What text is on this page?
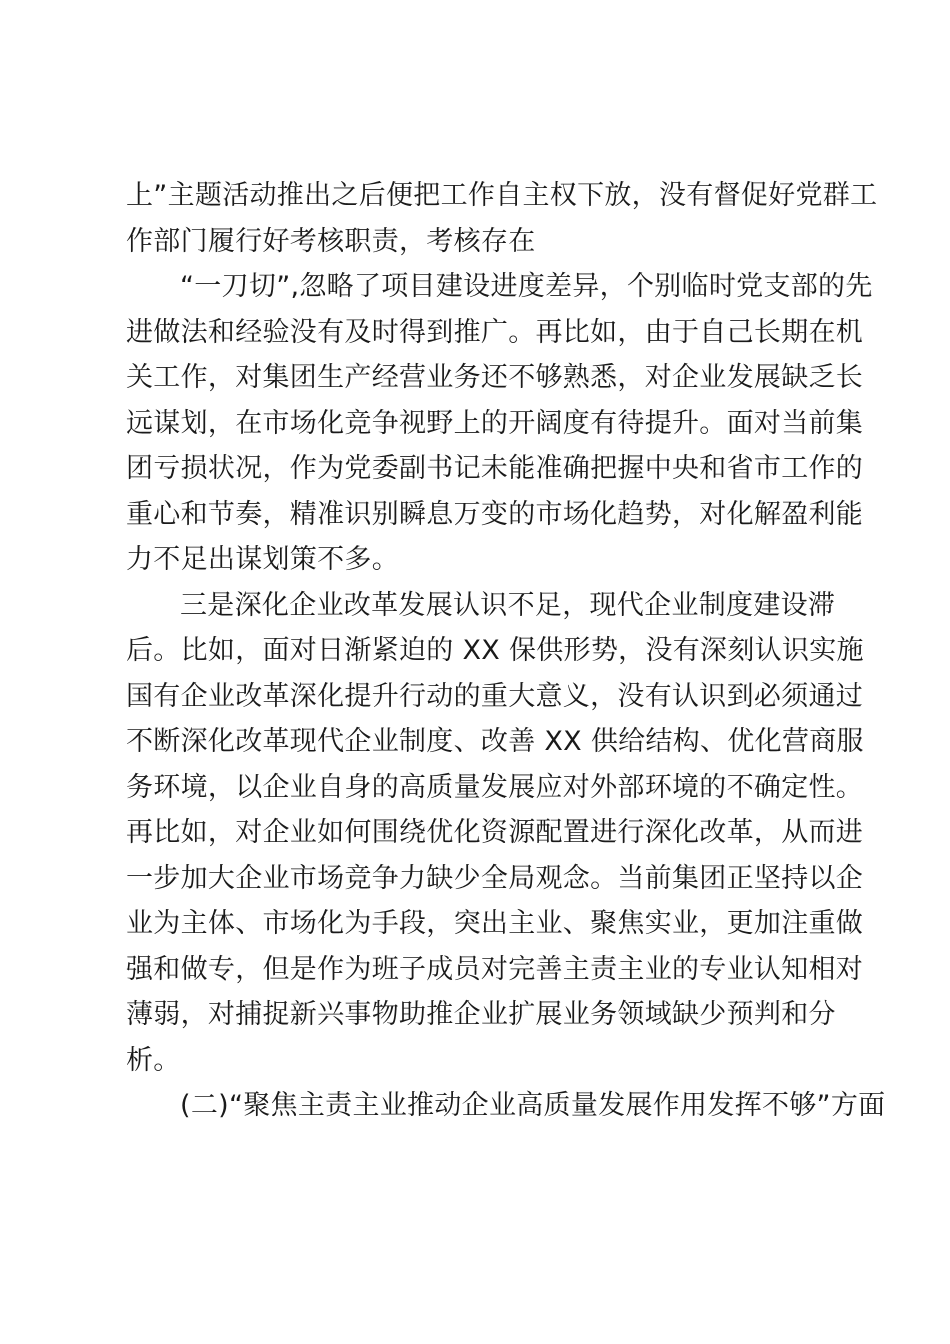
上”主题活动推出之后便把工作自主权下放，没有督促好党群工
作部门履行好考核职责，考核存在
“一刀切”,忽略了项目建设进度差异，个别临时党支部的先
进做法和经验没有及时得到推广。再比如，由于自己长期在机
关工作，对集团生产经营业务还不够熟悉，对企业发展缺乏长
远谋划，在市场化竞争视野上的开阔度有待提升。面对当前集
团亏损状况，作为党委副书记未能准确把握中央和省市工作的
重心和节奏，精准识别瞬息万变的市场化趋势，对化解盈利能
力不足出谋划策不多。
三是深化企业改革发展认识不足，现代企业制度建设滞
后。比如，面对日渐紧迫的 XX 保供形势，没有深刻认识实施
国有企业改革深化提升行动的重大意义，没有认识到必须通过
不断深化改革现代企业制度、改善 XX 供给结构、优化营商服
务环境，以企业自身的高质量发展应对外部环境的不确定性。
再比如，对企业如何围绕优化资源配置进行深化改革，从而进
一步加大企业市场竞争力缺少全局观念。当前集团正坚持以企
业为主体、市场化为手段，突出主业、聚焦实业，更加注重做
强和做专，但是作为班子成员对完善主责主业的专业认知相对
薄弱，对捕捉新兴事物助推企业扩展业务领域缺少预判和分
析。
(二)“聚焦主责主业推动企业高质量发展作用发挥不够”方面
